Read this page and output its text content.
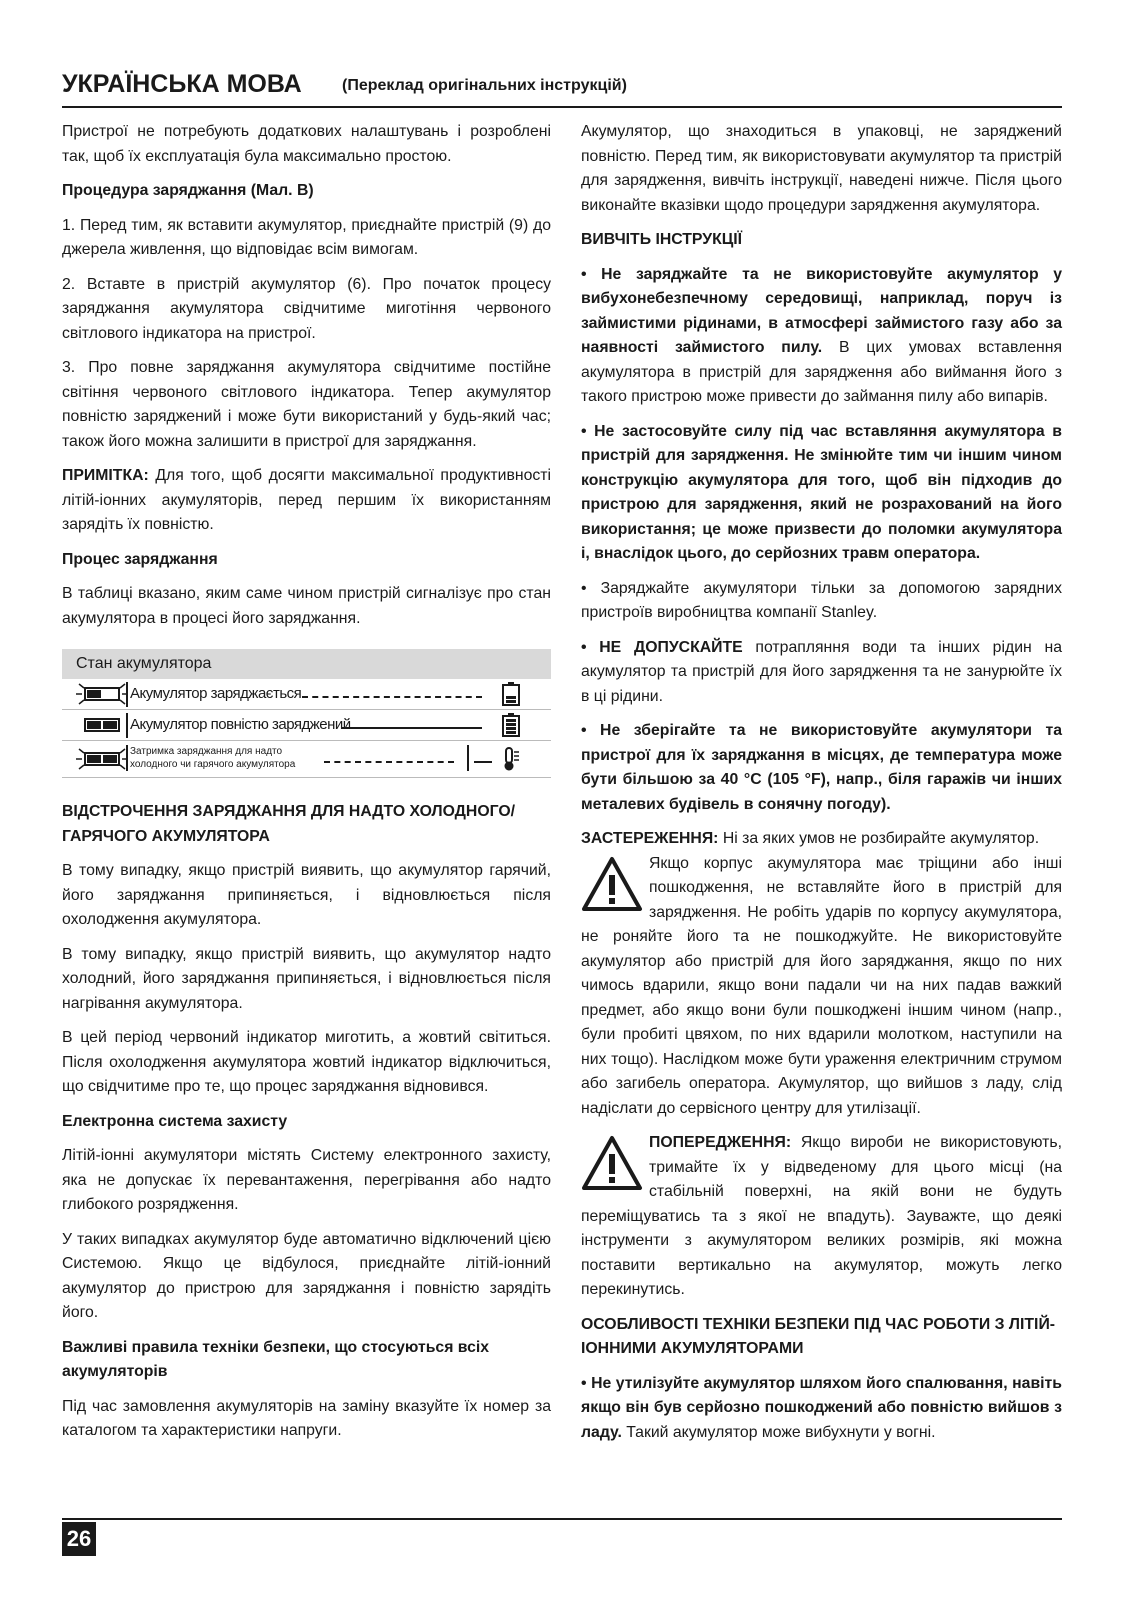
УКРАЇНСЬКА МОВА	(Переклад оригінальних інструкцій)

Пристрої не потребують додаткових налаштувань і розроблені так, щоб їх експлуатація була максимально простою.

Процедура заряджання (Мал. B)

1. Перед тим, як вставити акумулятор, приєднайте пристрій (9) до джерела живлення, що відповідає всім вимогам.

2. Вставте в пристрій акумулятор (6). Про початок процесу заряджання акумулятора свідчитиме миготіння червоного світлового індикатора на пристрої.

3. Про повне заряджання акумулятора свідчитиме постійне світіння червоного світлового індикатора. Тепер акумулятор повністю заряджений і може бути використаний у будь-який час; також його можна залишити в пристрої для заряджання.

ПРИМІТКА: Для того, щоб досягти максимальної продуктивності літій-іонних акумуляторів, перед першим їх використанням зарядіть їх повністю.

Процес заряджання

В таблиці вказано, яким саме чином пристрій сигналізує про стан акумулятора в процесі його заряджання.

Стан акумулятора
Акумулятор заряджається
Акумулятор повністю заряджений
Затримка заряджання для надто
холодного чи гарячого акумулятора

ВІДСТРОЧЕННЯ ЗАРЯДЖАННЯ ДЛЯ НАДТО ХОЛОДНОГО/ГАРЯЧОГО АКУМУЛЯТОРА

В тому випадку, якщо пристрій виявить, що акумулятор гарячий, його заряджання припиняється, і відновлюється після охолодження акумулятора.

В тому випадку, якщо пристрій виявить, що акумулятор надто холодний, його заряджання припиняється, і відновлюється після нагрівання акумулятора.

В цей період червоний індикатор миготить, а жовтий світиться. Після охолодження акумулятора жовтий індикатор відключиться, що свідчитиме про те, що процес заряджання відновився.

Електронна система захисту

Літій-іонні акумулятори містять Систему електронного захисту, яка не допускає їх перевантаження, перегрівання або надто глибокого розрядження.

У таких випадках акумулятор буде автоматично відключений цією Системою. Якщо це відбулося, приєднайте літій-іонний акумулятор до пристрою для заряджання і повністю зарядіть його.

Важливі правила техніки безпеки, що стосуються всіх акумуляторів

Під час замовлення акумуляторів на заміну вказуйте їх номер за каталогом та характеристики напруги.

Акумулятор, що знаходиться в упаковці, не заряджений повністю. Перед тим, як використовувати акумулятор та пристрій для зарядження, вивчіть інструкції, наведені нижче. Після цього виконайте вказівки щодо процедури зарядження акумулятора.

ВИВЧІТЬ ІНСТРУКЦІЇ

• Не заряджайте та не використовуйте акумулятор у вибухонебезпечному середовищі, наприклад, поруч із займистими рідинами, в атмосфері займистого газу або за наявності займистого пилу. В цих умовах вставлення акумулятора в пристрій для зарядження або виймання його з такого пристрою може привести до займання пилу або випарів.

• Не застосовуйте силу під час вставляння акумулятора в пристрій для зарядження. Не змінюйте тим чи іншим чином конструкцію акумулятора для того, щоб він підходив до пристрою для зарядження, який не розрахований на його використання; це може призвести до поломки акумулятора і, внаслідок цього, до серйозних травм оператора.

• Заряджайте акумулятори тільки за допомогою зарядних пристроїв виробництва компанії Stanley.

• НЕ ДОПУСКАЙТЕ потрапляння води та інших рідин на акумулятор та пристрій для його зарядження та не занурюйте їх в ці рідини.

• Не зберігайте та не використовуйте акумулятори та пристрої для їх заряджання в місцях, де температура може бути більшою за 40 °C (105 °F), напр., біля гаражів чи інших металевих будівель в сонячну погоду).

ЗАСТЕРЕЖЕННЯ: Ні за яких умов не розбирайте акумулятор.

Якщо корпус акумулятора має тріщини або інші пошкодження, не вставляйте його в пристрій для зарядження. Не робіть ударів по корпусу акумулятора, не роняйте його та не пошкоджуйте. Не використовуйте акумулятор або пристрій для його заряджання, якщо по них чимось вдарили, якщо вони падали чи на них падав важкий предмет, або якщо вони були пошкоджені іншим чином (напр., були пробиті цвяхом, по них вдарили молотком, наступили на них тощо). Наслідком може бути ураження електричним струмом або загибель оператора. Акумулятор, що вийшов з ладу, слід надіслати до сервісного центру для утилізації.

ПОПЕРЕДЖЕННЯ: Якщо вироби не використовують, тримайте їх у відведеному для цього місці (на стабільній поверхні, на якій вони не будуть переміщуватись та з якої не впадуть). Зауважте, що деякі інструменти з акумулятором великих розмірів, які можна поставити вертикально на акумулятор, можуть легко перекинутись.

ОСОБЛИВОСТІ ТЕХНІКИ БЕЗПЕКИ ПІД ЧАС РОБОТИ З ЛІТІЙ-ІОННИМИ АКУМУЛЯТОРАМИ

• Не утилізуйте акумулятор шляхом його спалювання, навіть якщо він був серйозно пошкоджений або повністю вийшов з ладу. Такий акумулятор може вибухнути у вогні.

26
